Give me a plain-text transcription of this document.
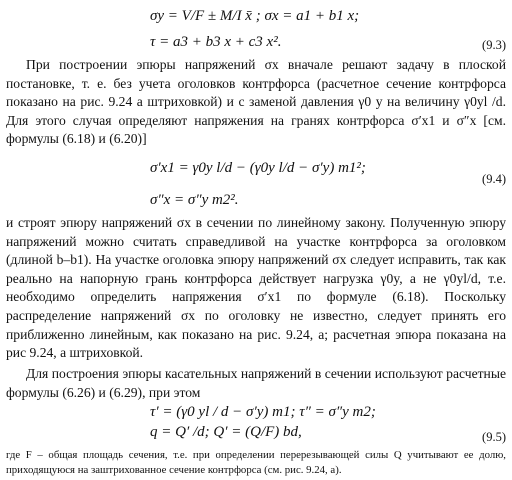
σy = V/F ± M/I x̄ ; σx = a1 + b1 x;
τ = a3 + b3 x + c3 x².	(9.3)
При построении эпюры напряжений σx вначале решают задачу в плоской постановке, т. е. без учета оголовков контрфорса (расчетное сечение контрфорса показано на рис. 9.24 а штриховкой) и с заменой давления γ0 y на величину γ0yl /d. Для этого случая определяют напряжения на гранях контрфорса σ′x1 и σ″x [см. формулы (6.18) и (6.20)]
σ′x1 = γ0y l/d − (γ0y l/d − σ′y) m1²;
σ″x = σ″y m2².
(9.4)
и строят эпюру напряжений σx в сечении по линейному закону. Полученную эпюру напряжений можно считать справедливой на участке контрфорса за оголовком (длиной b–b1). На участке оголовка эпюру напряжений σx следует исправить, так как реально на напорную грань контрфорса действует нагрузка γ0y, а не γ0yl/d, т.е. необходимо определить напряжения σ′x1 по формуле (6.18). Поскольку распределение напряжений σx по оголовку не известно, следует принять его приближенно линейным, как показано на рис. 9.24, а; расчетная эпюра показана на рис 9.24, а штриховкой.
Для построения эпюры касательных напряжений в сечении используют расчетные формулы (6.26) и (6.29), при этом
τ′ = (γ0 yl / d − σ′y) m1; τ″ = σ″y m2;
q = Q′ /d; Q′ = (Q/F) bd,	(9.5)
где F – общая площадь сечения, т.е. при определении перерезывающей силы Q учитывают ее долю, приходящуюся на заштрихованное сечение контрфорса (см. рис. 9.24, а).
